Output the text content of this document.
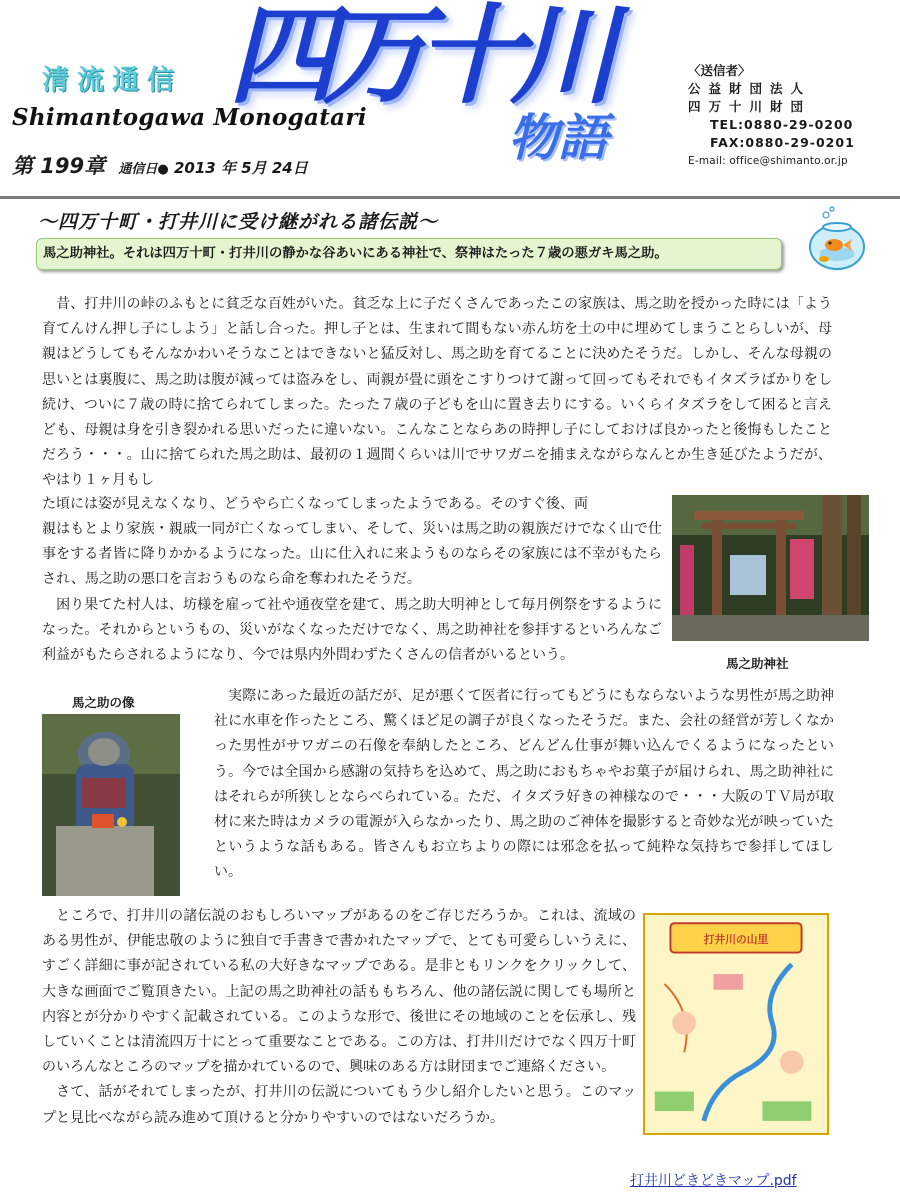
清流通信
Shimantogawa Monogatari
四万十川
物語
第 199章 通信日● 2013 年 5月 24日
〈送信者〉
公益財団法人
四万十川財団
TEL:0880-29-0200
FAX:0880-29-0201
E-mail: office@shimanto.or.jp
～四万十町・打井川に受け継がれる諸伝説～
馬之助神社。それは四万十町・打井川の静かな谷あいにある神社で、祭神はたった７歳の悪ガキ馬之助。

　昔、打井川の峠のふもとに貧乏な百姓がいた。貧乏な上に子だくさんであったこの家族は、馬之助を授かった時には「よう育てんけん押し子にしよう」と話し合った。押し子とは、生まれて間もない赤ん坊を土の中に埋めてしまうことらしいが、母親はどうしてもそんなかわいそうなことはできないと猛反対し、馬之助を育てることに決めたそうだ。しかし、そんな母親の思いとは裏腹に、馬之助は腹が減っては盗みをし、両親が畳に頭をこすりつけて謝って回ってもそれでもイタズラばかりをし続け、ついに７歳の時に捨てられてしまった。たった７歳の子どもを山に置き去りにする。いくらイタズラをして困ると言えども、母親は身を引き裂かれる思いだったに違いない。こんなことならあの時押し子にしておけば良かったと後悔もしたことだろう・・・。山に捨てられた馬之助は、最初の１週間くらいは川でサワガニを捕まえながらなんとか生き延びたようだが、やはり１ヶ月もし

た頃には姿が見えなくなり、どうやら亡くなってしまったようである。そのすぐ後、両

親はもとより家族・親戚一同が亡くなってしまい、そして、災いは馬之助の親族だけでなく山で仕事をする者皆に降りかかるようになった。山に仕入れに来ようものならその家族には不幸がもたらされ、馬之助の悪口を言おうものなら命を奪われたそうだ。
　困り果てた村人は、坊様を雇って社や通夜堂を建て、馬之助大明神として毎月例祭をするようになった。それからというもの、災いがなくなっただけでなく、馬之助神社を参拝するといろんなご利益がもたらされるようになり、今では県内外問わずたくさんの信者がいるという。

馬之助神社
馬之助の像	　実際にあった最近の話だが、足が悪くて医者に行ってもどうにもならないような男性が馬之助神社に水車を作ったところ、驚くほど足の調子が良くなったそうだ。また、会社の経営が芳しくなかった男性がサワガニの石像を奉納したところ、どんどん仕事が舞い込んでくるようになったという。今では全国から感謝の気持ちを込めて、馬之助におもちゃやお菓子が届けられ、馬之助神社にはそれらが所狭しとならべられている。ただ、イタズラ好きの神様なので・・・大阪のＴＶ局が取材に来た時はカメラの電源が入らなかったり、馬之助のご神体を撮影すると奇妙な光が映っていたというような話もある。皆さんもお立ちよりの際には邪念を払って純粋な気持ちで参拝してほしい。

　ところで、打井川の諸伝説のおもしろいマップがあるのをご存じだろうか。これは、流域のある男性が、伊能忠敬のように独自で手書きで書かれたマップで、とても可愛らしいうえに、すごく詳細に事が記されている私の大好きなマップである。是非ともリンクをクリックして、大きな画面でご覧頂きたい。上記の馬之助神社の話ももちろん、他の諸伝説に関しても場所と内容とが分かりやすく記載されている。このような形で、後世にその地域のことを伝承し、残していくことは清流四万十にとって重要なことである。この方は、打井川だけでなく四万十町のいろんなところのマップを描かれているので、興味のある方は財団までご連絡ください。
　さて、話がそれてしまったが、打井川の伝説についてもう少し紹介したいと思う。このマップと見比べながら読み進めて頂けると分かりやすいのではないだろうか。

打井川の山里
打井川どきどきマップ.pdf
